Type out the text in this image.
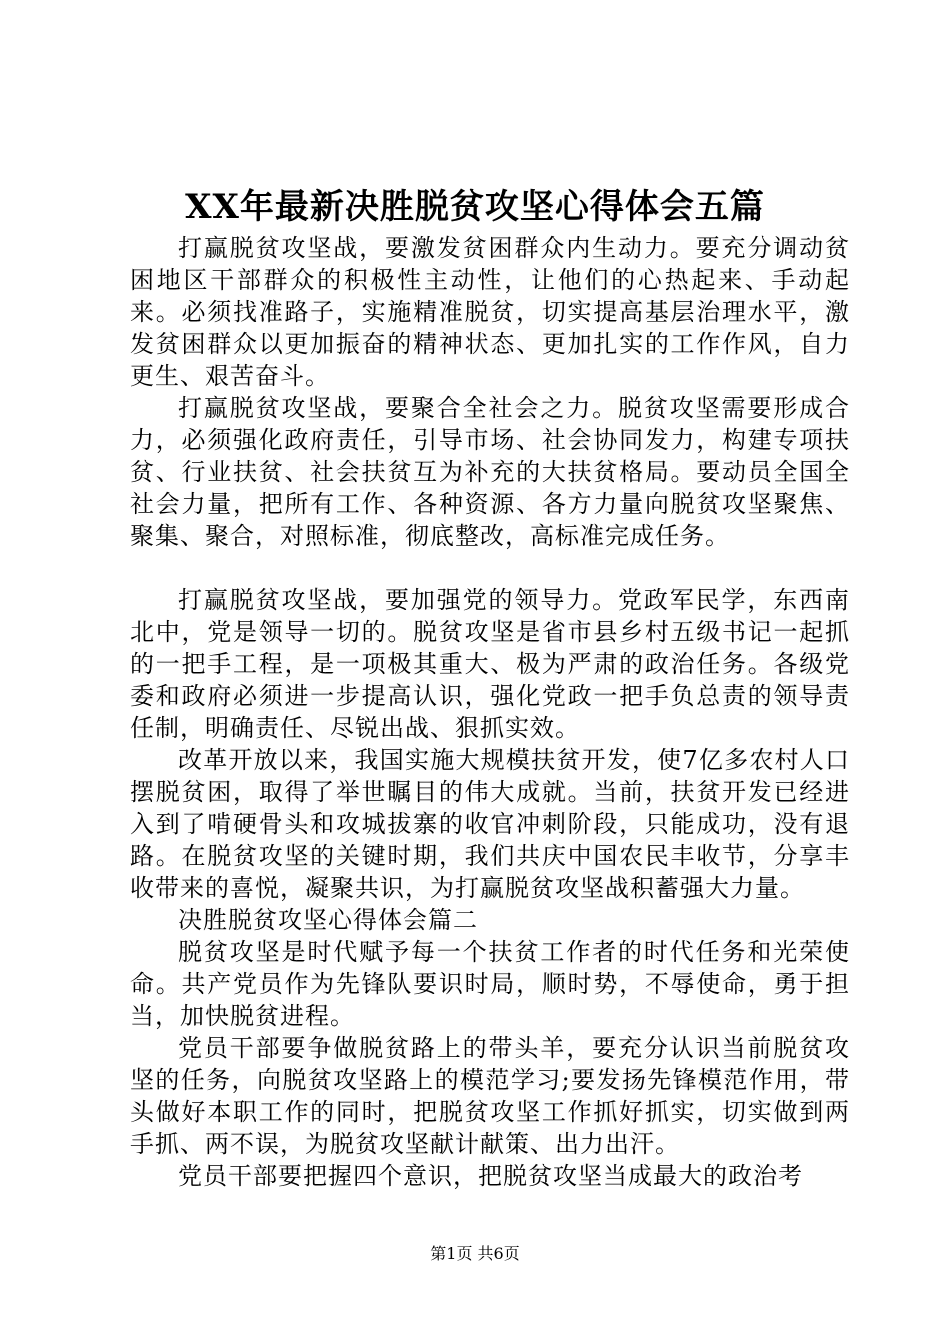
XX年最新决胜脱贫攻坚心得体会五篇

打赢脱贫攻坚战，要激发贫困群众内生动力。要充分调动贫困地区干部群众的积极性主动性，让他们的心热起来、手动起来。必须找准路子，实施精准脱贫，切实提高基层治理水平，激发贫困群众以更加振奋的精神状态、更加扎实的工作作风，自力更生、艰苦奋斗。

打赢脱贫攻坚战，要聚合全社会之力。脱贫攻坚需要形成合力，必须强化政府责任，引导市场、社会协同发力，构建专项扶贫、行业扶贫、社会扶贫互为补充的大扶贫格局。要动员全国全社会力量，把所有工作、各种资源、各方力量向脱贫攻坚聚焦、聚集、聚合，对照标准，彻底整改，高标准完成任务。

打赢脱贫攻坚战，要加强党的领导力。党政军民学，东西南北中，党是领导一切的。脱贫攻坚是省市县乡村五级书记一起抓的一把手工程，是一项极其重大、极为严肃的政治任务。各级党委和政府必须进一步提高认识，强化党政一把手负总责的领导责任制，明确责任、尽锐出战、狠抓实效。

改革开放以来，我国实施大规模扶贫开发，使7亿多农村人口摆脱贫困，取得了举世瞩目的伟大成就。当前，扶贫开发已经进入到了啃硬骨头和攻城拔寨的收官冲刺阶段，只能成功，没有退路。在脱贫攻坚的关键时期，我们共庆中国农民丰收节，分享丰收带来的喜悦，凝聚共识，为打赢脱贫攻坚战积蓄强大力量。

决胜脱贫攻坚心得体会篇二

脱贫攻坚是时代赋予每一个扶贫工作者的时代任务和光荣使命。共产党员作为先锋队要识时局，顺时势，不辱使命，勇于担当，加快脱贫进程。

党员干部要争做脱贫路上的带头羊，要充分认识当前脱贫攻坚的任务，向脱贫攻坚路上的模范学习;要发扬先锋模范作用，带头做好本职工作的同时，把脱贫攻坚工作抓好抓实，切实做到两手抓、两不误，为脱贫攻坚献计献策、出力出汗。

党员干部要把握四个意识，把脱贫攻坚当成最大的政治考

第1页 共6页
